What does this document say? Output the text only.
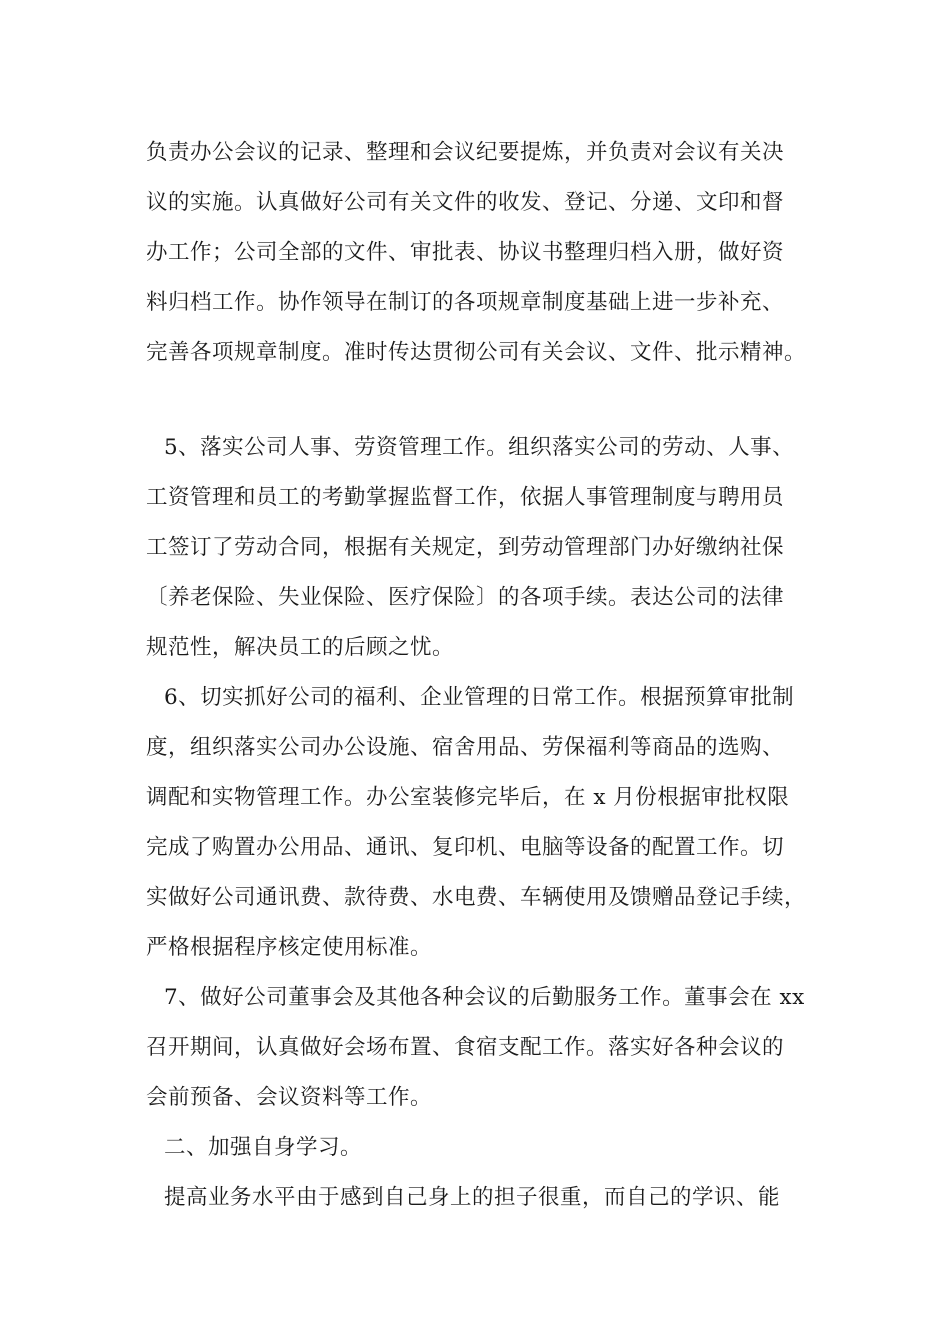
负责办公会议的记录、整理和会议纪要提炼，并负责对会议有关决
议的实施。认真做好公司有关文件的收发、登记、分递、文印和督
办工作；公司全部的文件、审批表、协议书整理归档入册，做好资
料归档工作。协作领导在制订的各项规章制度基础上进一步补充、
完善各项规章制度。准时传达贯彻公司有关会议、文件、批示精神。
5、落实公司人事、劳资管理工作。组织落实公司的劳动、人事、
工资管理和员工的考勤掌握监督工作，依据人事管理制度与聘用员
工签订了劳动合同，根据有关规定，到劳动管理部门办好缴纳社保
〔养老保险、失业保险、医疗保险〕的各项手续。表达公司的法律
规范性，解决员工的后顾之忧。
6、切实抓好公司的福利、企业管理的日常工作。根据预算审批制
度，组织落实公司办公设施、宿舍用品、劳保福利等商品的选购、
调配和实物管理工作。办公室装修完毕后，在 x 月份根据审批权限
完成了购置办公用品、通讯、复印机、电脑等设备的配置工作。切
实做好公司通讯费、款待费、水电费、车辆使用及馈赠品登记手续，
严格根据程序核定使用标准。
7、做好公司董事会及其他各种会议的后勤服务工作。董事会在 xx
召开期间，认真做好会场布置、食宿支配工作。落实好各种会议的
会前预备、会议资料等工作。
二、加强自身学习。
提高业务水平由于感到自己身上的担子很重，而自己的学识、能
